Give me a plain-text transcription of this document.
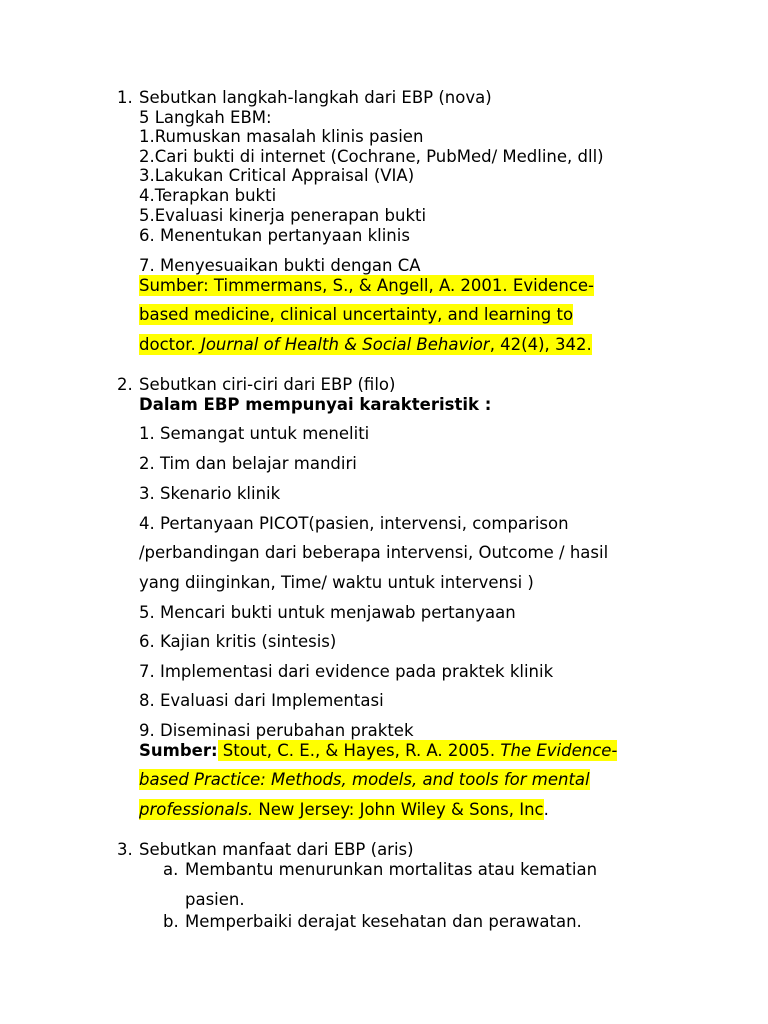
1. Sebutkan langkah-langkah dari EBP (nova)
5 Langkah EBM:
1.Rumuskan masalah klinis pasien
2.Cari bukti di internet (Cochrane, PubMed/ Medline, dll)
3.Lakukan Critical Appraisal (VIA)
4.Terapkan bukti
5.Evaluasi kinerja penerapan bukti
6. Menentukan pertanyaan klinis
7. Menyesuaikan bukti dengan CA
Sumber: Timmermans, S., & Angell, A. 2001. Evidence-
based medicine, clinical uncertainty, and learning to
doctor. Journal of Health & Social Behavior, 42(4), 342.
2. Sebutkan ciri-ciri dari EBP (filo)
Dalam EBP mempunyai karakteristik :
1. Semangat untuk meneliti
2. Tim dan belajar mandiri
3. Skenario klinik
4. Pertanyaan PICOT(pasien, intervensi, comparison
/perbandingan dari beberapa intervensi, Outcome / hasil
yang diinginkan, Time/ waktu untuk intervensi )
5. Mencari bukti untuk menjawab pertanyaan
6. Kajian kritis (sintesis)
7. Implementasi dari evidence pada praktek klinik
8. Evaluasi dari Implementasi
9. Diseminasi perubahan praktek
Sumber: Stout, C. E., & Hayes, R. A. 2005. The Evidence-
based Practice: Methods, models, and tools for mental
professionals. New Jersey: John Wiley & Sons, Inc.
3. Sebutkan manfaat dari EBP (aris)
a. Membantu menurunkan mortalitas atau kematian
pasien.
b. Memperbaiki derajat kesehatan dan perawatan.
